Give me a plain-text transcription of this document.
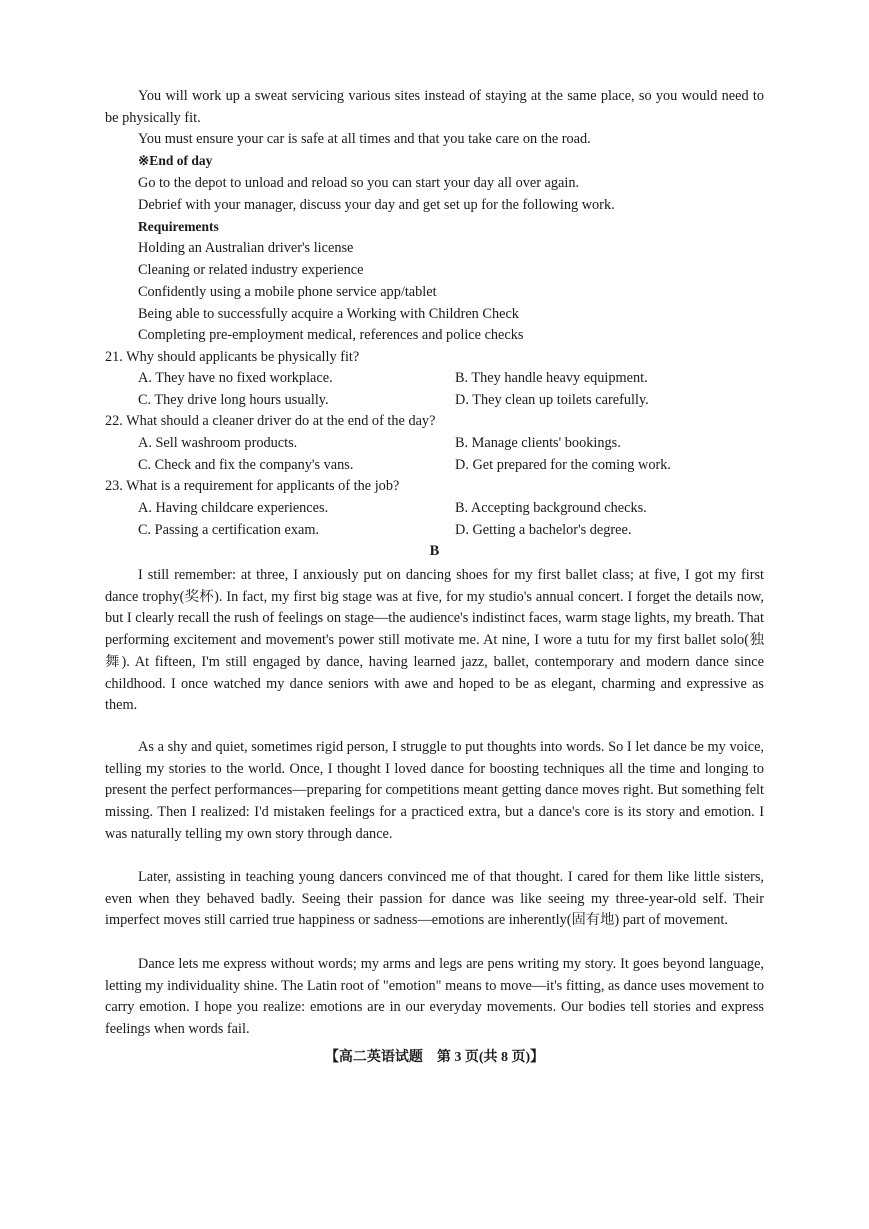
You will work up a sweat servicing various sites instead of staying at the same place, so you would need to be physically fit.

You must ensure your car is safe at all times and that you take care on the road.

※End of day

Go to the depot to unload and reload so you can start your day all over again.

Debrief with your manager, discuss your day and get set up for the following work.

Requirements

Holding an Australian driver's license

Cleaning or related industry experience

Confidently using a mobile phone service app/tablet

Being able to successfully acquire a Working with Children Check

Completing pre-employment medical, references and police checks

21. Why should applicants be physically fit?

A. They have no fixed workplace.	B. They handle heavy equipment.

C. They drive long hours usually.	D. They clean up toilets carefully.

22. What should a cleaner driver do at the end of the day?

A. Sell washroom products.	B. Manage clients' bookings.

C. Check and fix the company's vans.	D. Get prepared for the coming work.

23. What is a requirement for applicants of the job?

A. Having childcare experiences.	B. Accepting background checks.

C. Passing a certification exam.	D. Getting a bachelor's degree.

B

I still remember: at three, I anxiously put on dancing shoes for my first ballet class; at five, I got my first dance trophy(奖杯). In fact, my first big stage was at five, for my studio's annual concert. I forget the details now, but I clearly recall the rush of feelings on stage—the audience's indistinct faces, warm stage lights, my breath. That performing excitement and movement's power still motivate me. At nine, I wore a tutu for my first ballet solo(独舞). At fifteen, I'm still engaged by dance, having learned jazz, ballet, contemporary and modern dance since childhood. I once watched my dance seniors with awe and hoped to be as elegant, charming and expressive as them.

As a shy and quiet, sometimes rigid person, I struggle to put thoughts into words. So I let dance be my voice, telling my stories to the world. Once, I thought I loved dance for boosting techniques all the time and longing to present the perfect performances—preparing for competitions meant getting dance moves right. But something felt missing. Then I realized: I'd mistaken feelings for a practiced extra, but a dance's core is its story and emotion. I was naturally telling my own story through dance.

Later, assisting in teaching young dancers convinced me of that thought. I cared for them like little sisters, even when they behaved badly. Seeing their passion for dance was like seeing my three-year-old self. Their imperfect moves still carried true happiness or sadness—emotions are inherently(固有地) part of movement.

Dance lets me express without words; my arms and legs are pens writing my story. It goes beyond language, letting my individuality shine. The Latin root of "emotion" means to move—it's fitting, as dance uses movement to carry emotion. I hope you realize: emotions are in our everyday movements. Our bodies tell stories and express feelings when words fail.

【高二英语试题　第 3 页(共 8 页)】
